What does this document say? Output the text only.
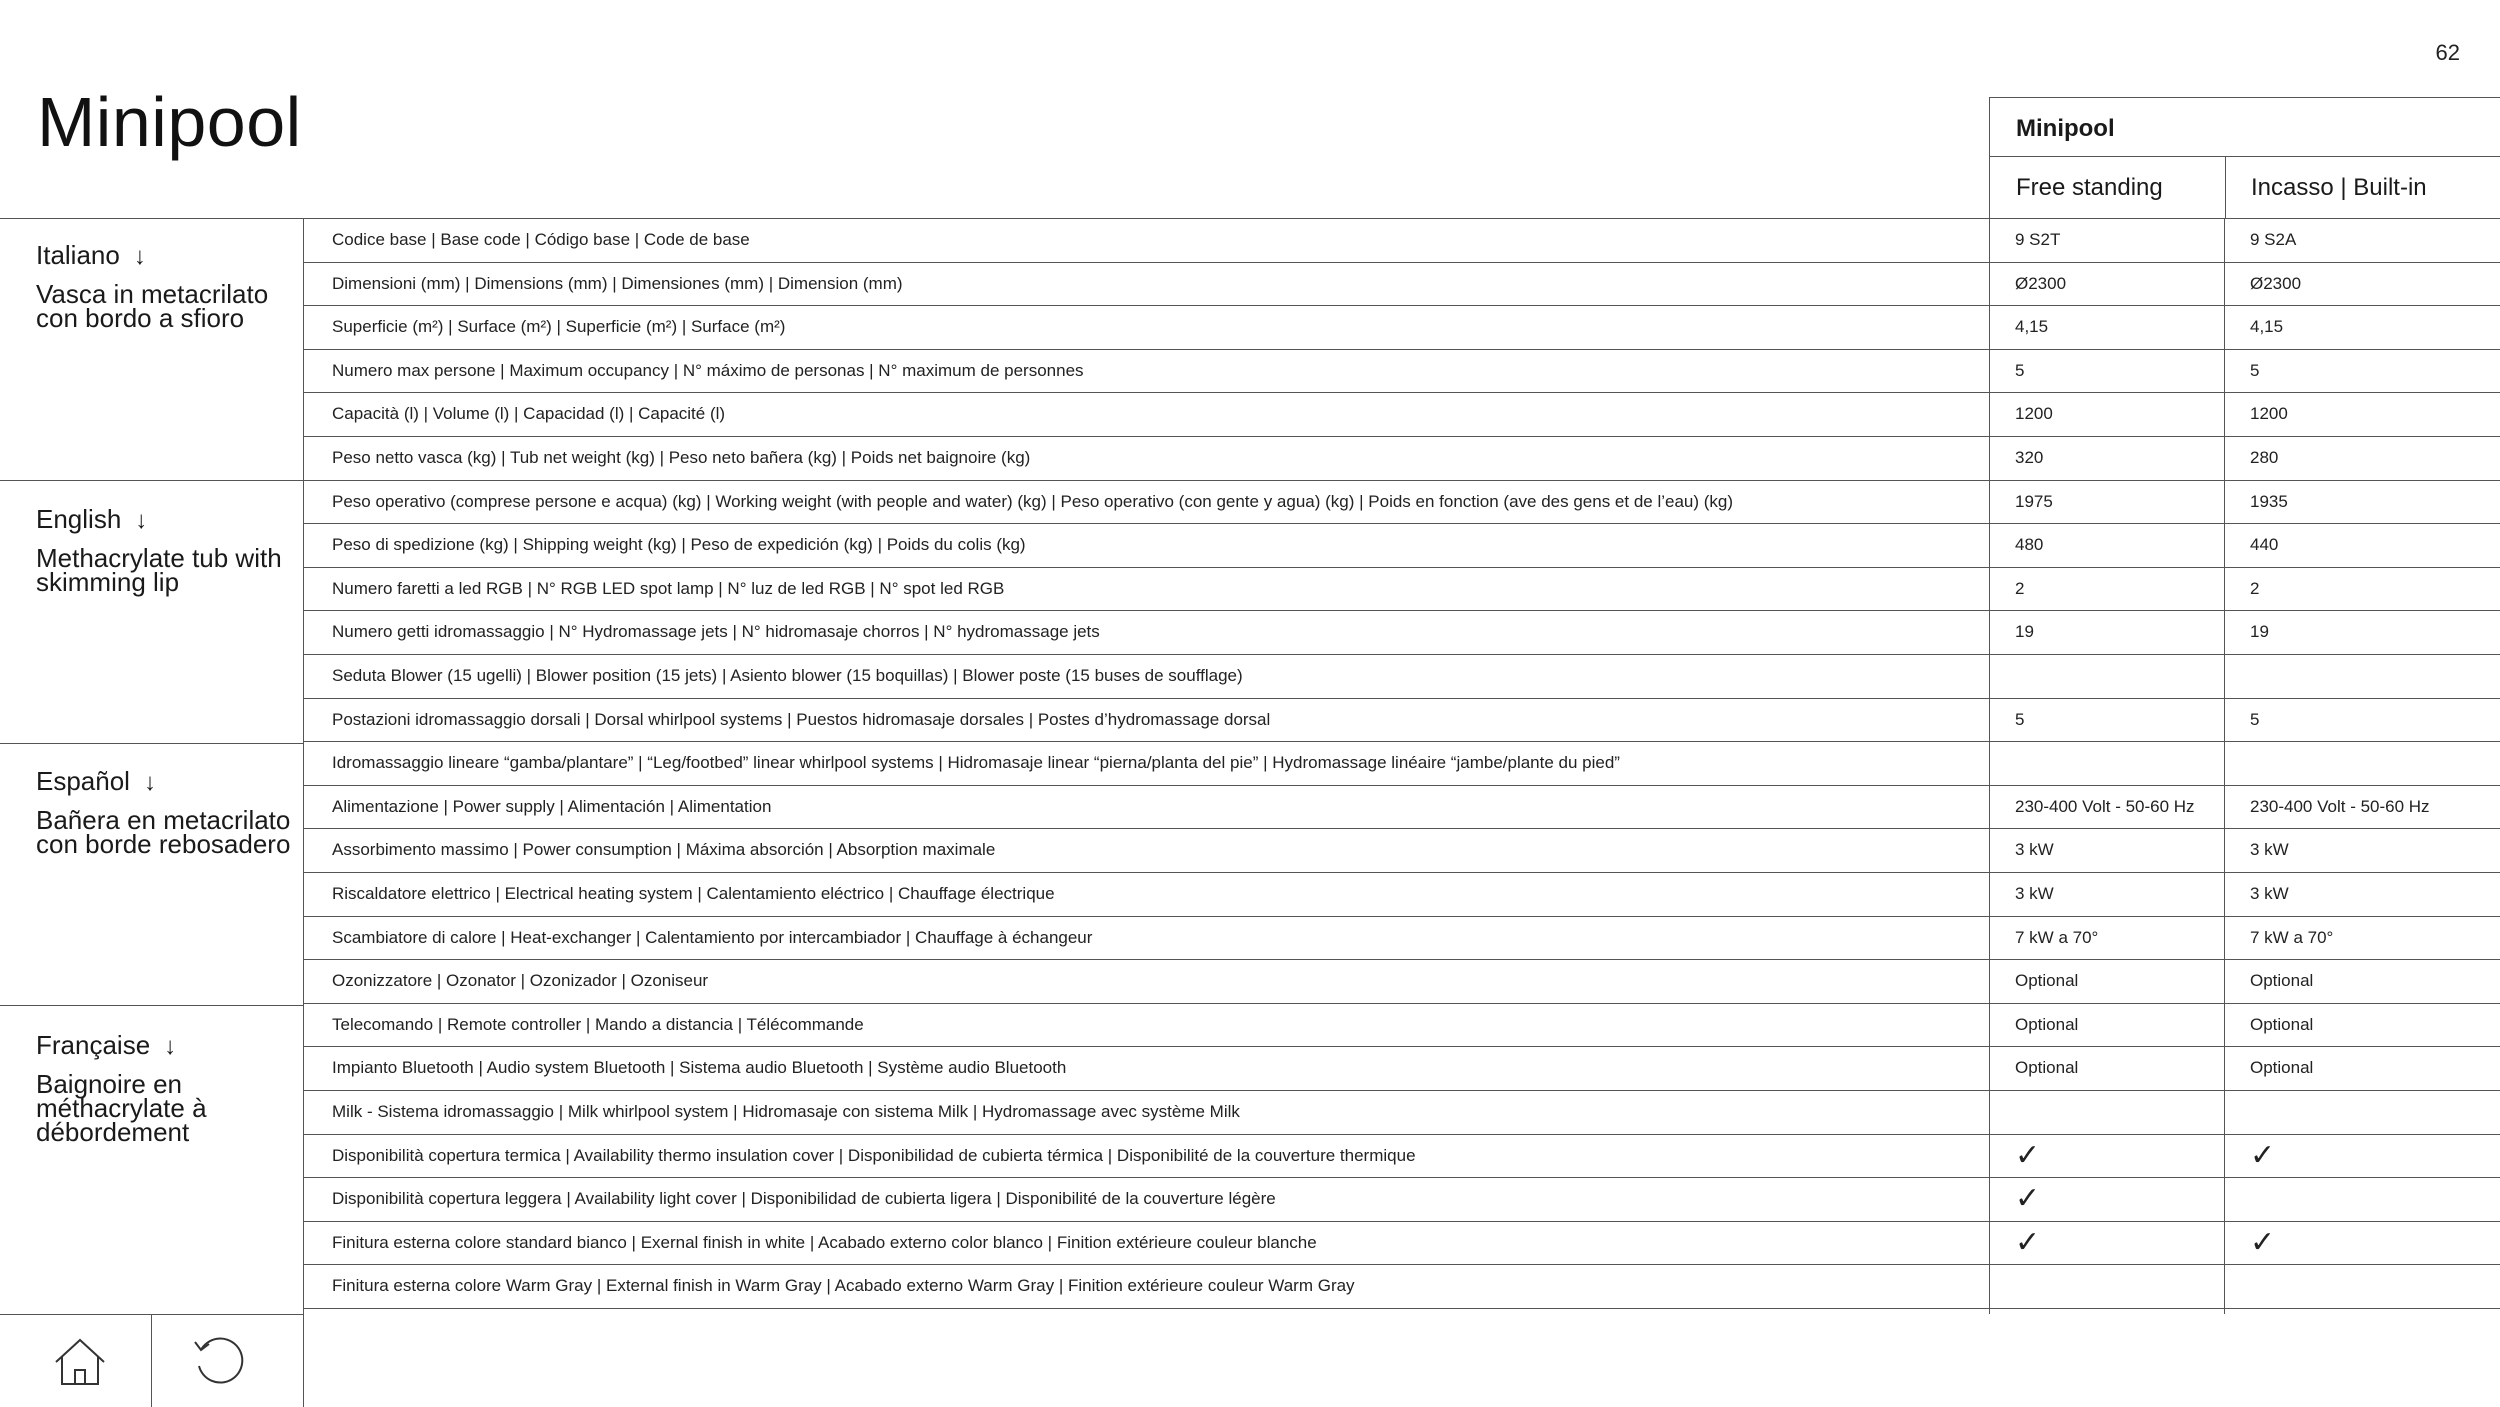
62
Minipool	Minipool
Free standing	Incasso | Built-in
Italiano ↓
Vasca in metacrilato con bordo a sfioro
English ↓
Methacrylate tub with skimming lip
Español ↓
Bañera en metacrilato con borde rebosadero
Française ↓
Baignoire en méthacrylate à débordement
Codice base | Base code | Código base | Code de base	9 S2T	9 S2A
Dimensioni (mm) | Dimensions (mm) | Dimensiones (mm) | Dimension (mm)	Ø2300	Ø2300
Superficie (m²) | Surface (m²) | Superficie (m²) | Surface (m²)	4,15	4,15
Numero max persone | Maximum occupancy | N° máximo de personas | N° maximum de personnes	5	5
Capacità (l) | Volume (l) | Capacidad (l) | Capacité (l)	1200	1200
Peso netto vasca (kg) | Tub net weight (kg) | Peso neto bañera (kg) | Poids net baignoire (kg)	320	280
Peso operativo (comprese persone e acqua) (kg) | Working weight (with people and water) (kg) | Peso operativo (con gente y agua) (kg) | Poids en fonction (ave des gens et de l’eau) (kg)	1975	1935
Peso di spedizione (kg) | Shipping weight (kg) | Peso de expedición (kg) | Poids du colis (kg)	480	440
Numero faretti a led RGB | N° RGB LED spot lamp | N° luz de led RGB | N° spot led RGB	2	2
Numero getti idromassaggio | N° Hydromassage jets | N° hidromasaje chorros | N° hydromassage jets	19	19
Seduta Blower (15 ugelli) | Blower position (15 jets) | Asiento blower (15 boquillas) | Blower poste (15 buses de soufflage)
Postazioni idromassaggio dorsali | Dorsal whirlpool systems | Puestos hidromasaje dorsales | Postes d’hydromassage dorsal	5	5
Idromassaggio lineare “gamba/plantare” | “Leg/footbed” linear whirlpool systems | Hidromasaje linear “pierna/planta del pie” | Hydromassage linéaire “jambe/plante du pied”
Alimentazione | Power supply | Alimentación | Alimentation	230-400 Volt - 50-60 Hz	230-400 Volt - 50-60 Hz
Assorbimento massimo | Power consumption | Máxima absorción | Absorption maximale	3 kW	3 kW
Riscaldatore elettrico | Electrical heating system | Calentamiento eléctrico | Chauffage électrique	3 kW	3 kW
Scambiatore di calore | Heat-exchanger | Calentamiento por intercambiador | Chauffage à échangeur	7 kW a 70°	7 kW a 70°
Ozonizzatore | Ozonator | Ozonizador | Ozoniseur	Optional	Optional
Telecomando | Remote controller | Mando a distancia | Télécommande	Optional	Optional
Impianto Bluetooth | Audio system Bluetooth | Sistema audio Bluetooth | Système audio Bluetooth	Optional	Optional
Milk - Sistema idromassaggio | Milk whirlpool system | Hidromasaje con sistema Milk | Hydromassage avec système Milk
Disponibilità copertura termica | Availability thermo insulation cover | Disponibilidad de cubierta térmica | Disponibilité de la couverture thermique	✓	✓
Disponibilità copertura leggera | Availability light cover | Disponibilidad de cubierta ligera | Disponibilité de la couverture légère	✓
Finitura esterna colore standard bianco | Exernal finish in white | Acabado externo color blanco | Finition extérieure couleur blanche	✓	✓
Finitura esterna colore Warm Gray | External finish in Warm Gray | Acabado externo Warm Gray | Finition extérieure couleur Warm Gray
